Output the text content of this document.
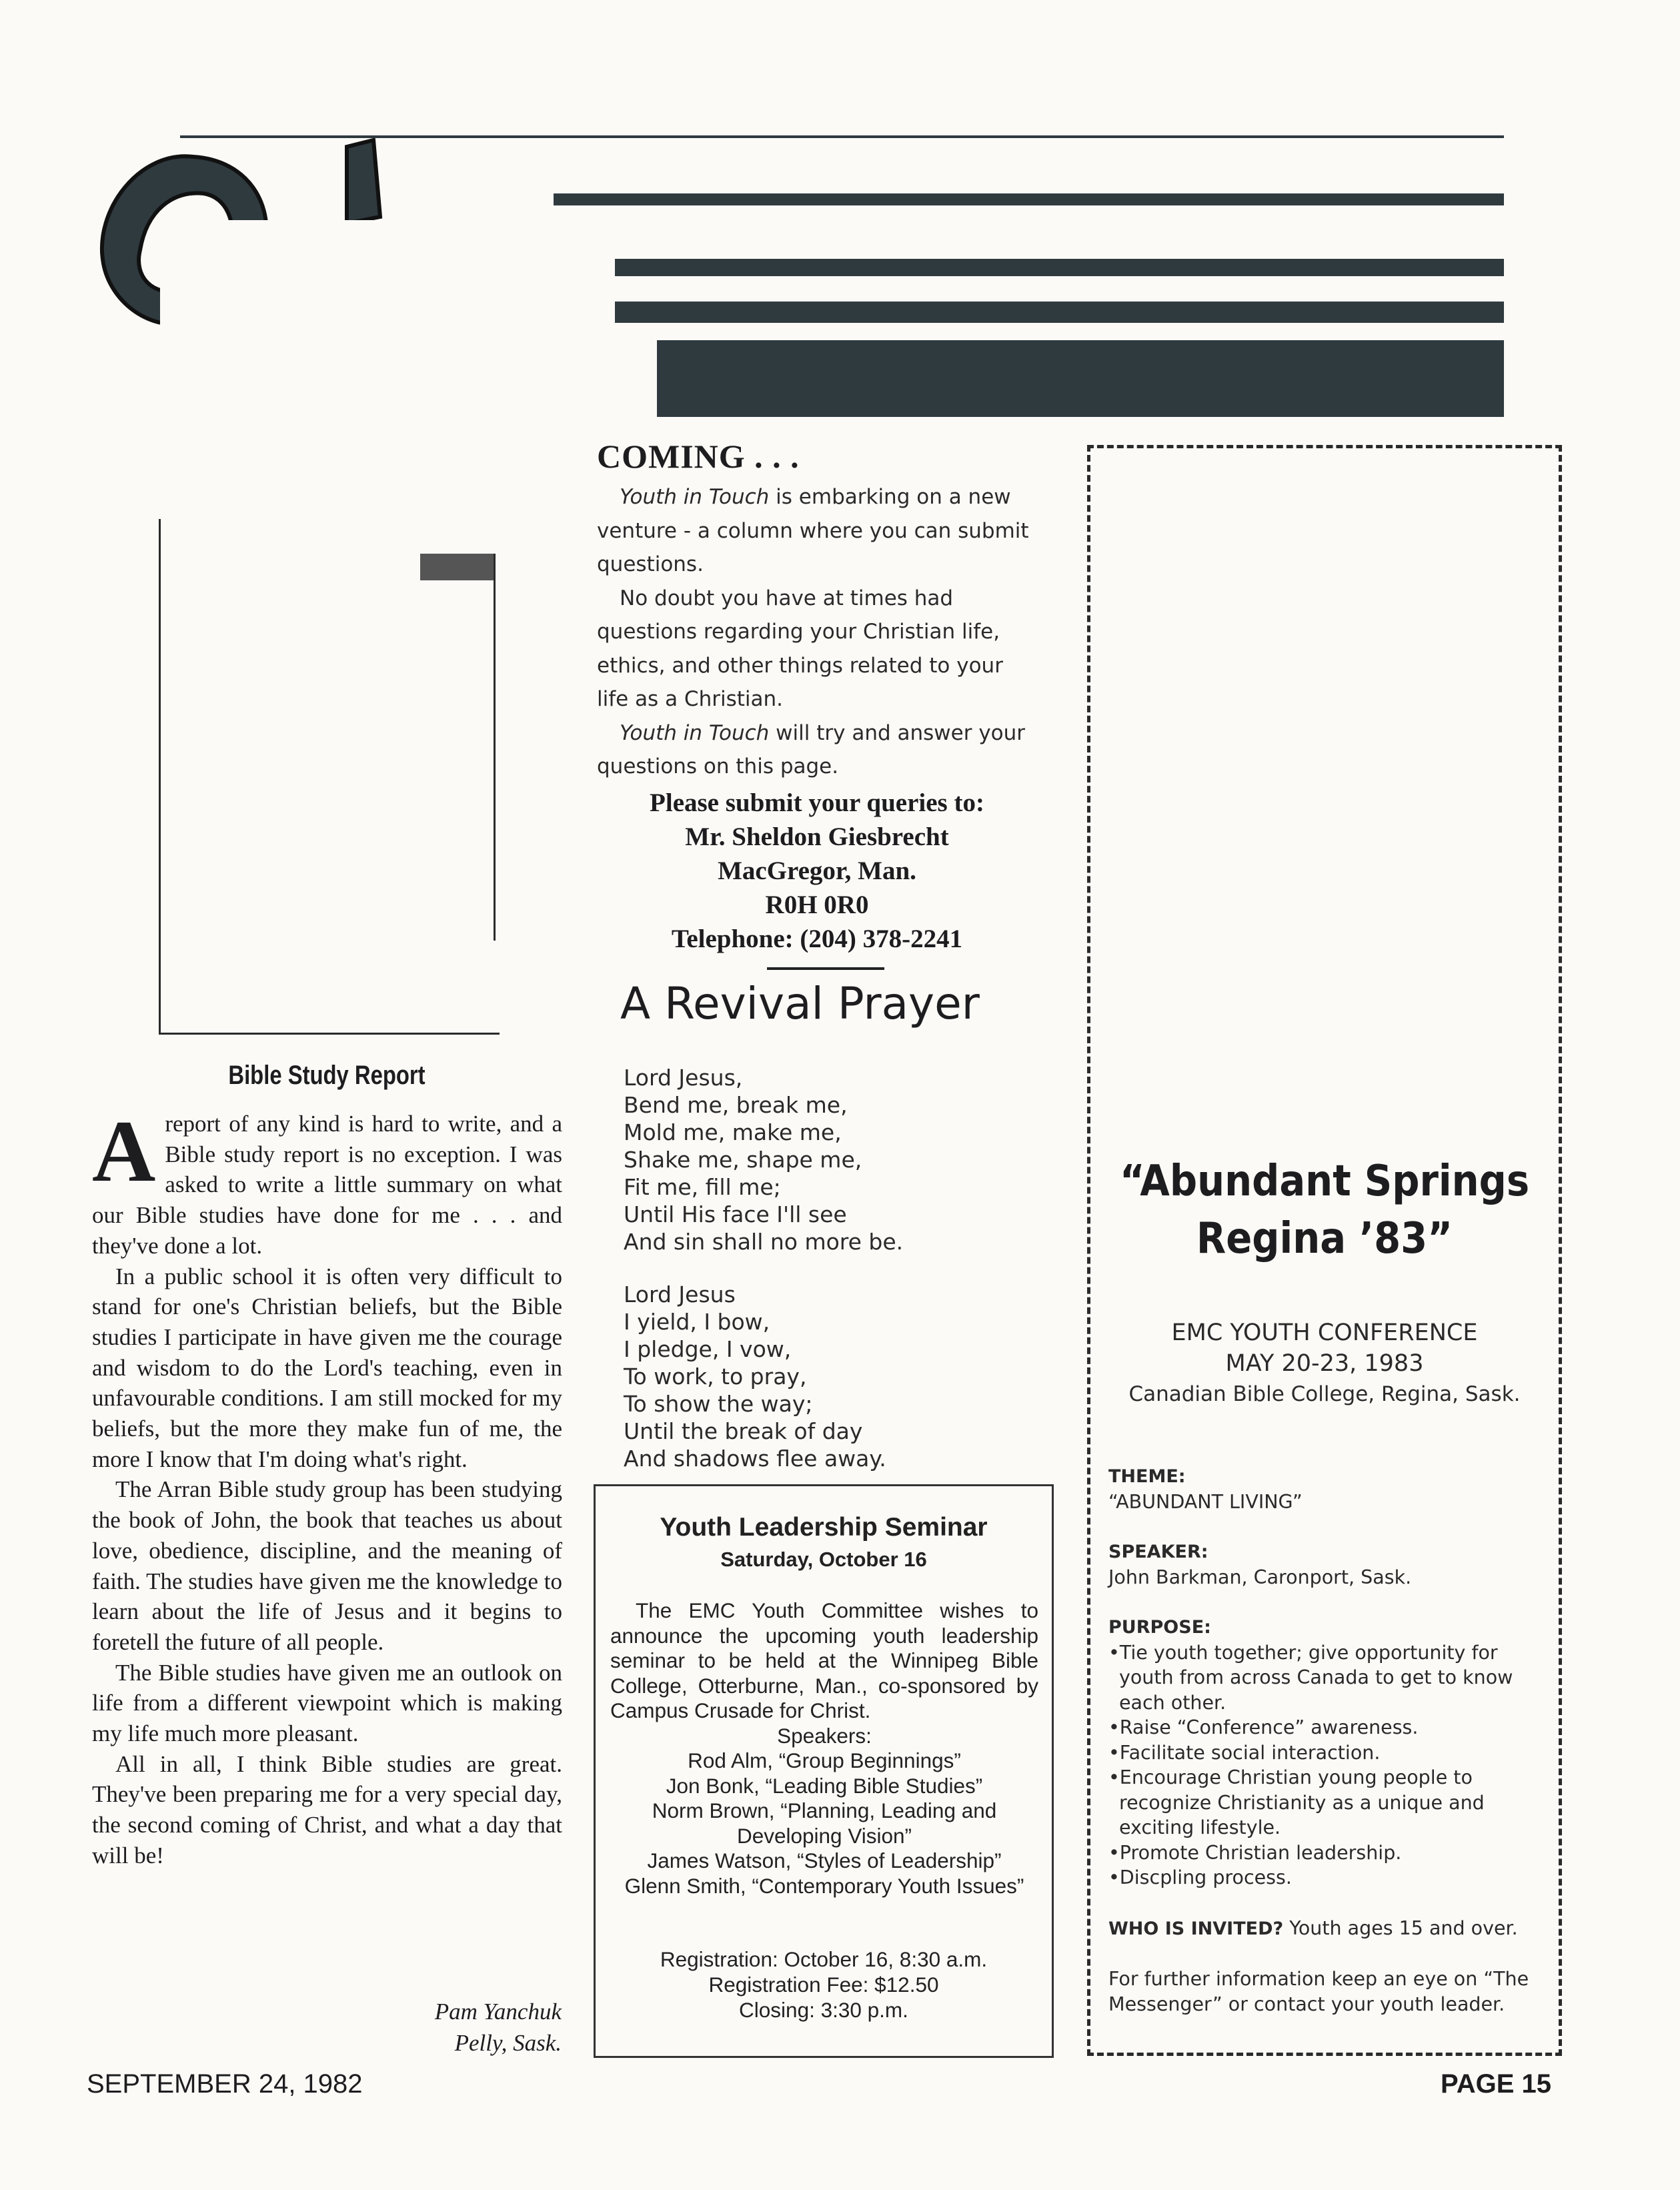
Bible Study Report

Areport of any kind is hard to write, and a Bible study report is no exception. I was asked to write a little summary on what our Bible studies have done for me . . . and they've done a lot.

In a public school it is often very difficult to stand for one's Christian beliefs, but the Bible studies I participate in have given me the courage and wisdom to do the Lord's teaching, even in unfavourable conditions. I am still mocked for my beliefs, but the more they make fun of me, the more I know that I'm doing what's right.

The Arran Bible study group has been studying the book of John, the book that teaches us about love, obedience, discipline, and the meaning of faith. The studies have given me the knowledge to learn about the life of Jesus and it begins to foretell the future of all people.

The Bible studies have given me an outlook on life from a different viewpoint which is making my life much more pleasant.

All in all, I think Bible studies are great. They've been preparing me for a very special day, the second coming of Christ, and what a day that will be!

Pam Yanchuk
Pelly, Sask.
COMING . . .

Youth in Touch is embarking on a new venture - a column where you can submit questions.

No doubt you have at times had questions regarding your Christian life, ethics, and other things related to your life as a Christian.

Youth in Touch will try and answer your questions on this page.

Please submit your queries to:
Mr. Sheldon Giesbrecht
MacGregor, Man.
R0H 0R0
Telephone: (204) 378-2241
A Revival Prayer
Lord Jesus,
Bend me, break me,
Mold me, make me,
Shake me, shape me,
Fit me, fill me;
Until His face I'll see
And sin shall no more be.
Lord Jesus
I yield, I bow,
I pledge, I vow,
To work, to pray,
To show the way;
Until the break of day
And shadows flee away.
Youth Leadership Seminar
Saturday, October 16
The EMC Youth Committee wishes to announce the upcoming youth leadership seminar to be held at the Winnipeg Bible College, Otterburne, Man., co-sponsored by Campus Crusade for Christ.
Speakers:
Rod Alm, “Group Beginnings”
Jon Bonk, “Leading Bible Studies”
Norm Brown, “Planning, Leading and Developing Vision”
James Watson, “Styles of Leadership”
Glenn Smith, “Contemporary Youth Issues”
Registration: October 16, 8:30 a.m.
Registration Fee: $12.50
Closing: 3:30 p.m.
“Abundant Springs
Regina ’83”
EMC YOUTH CONFERENCE
MAY 20-23, 1983
Canadian Bible College, Regina, Sask.
THEME:
“ABUNDANT LIVING”
SPEAKER:
John Barkman, Caronport, Sask.
PURPOSE:
•Tie youth together; give opportunity for youth from across Canada to get to know each other.
•Raise “Conference” awareness.
•Facilitate social interaction.
•Encourage Christian young people to recognize Christianity as a unique and exciting lifestyle.
•Promote Christian leadership.
•Discpling process.
WHO IS INVITED? Youth ages 15 and over.
For further information keep an eye on “The Messenger” or contact your youth leader.
SEPTEMBER 24, 1982	PAGE 15
